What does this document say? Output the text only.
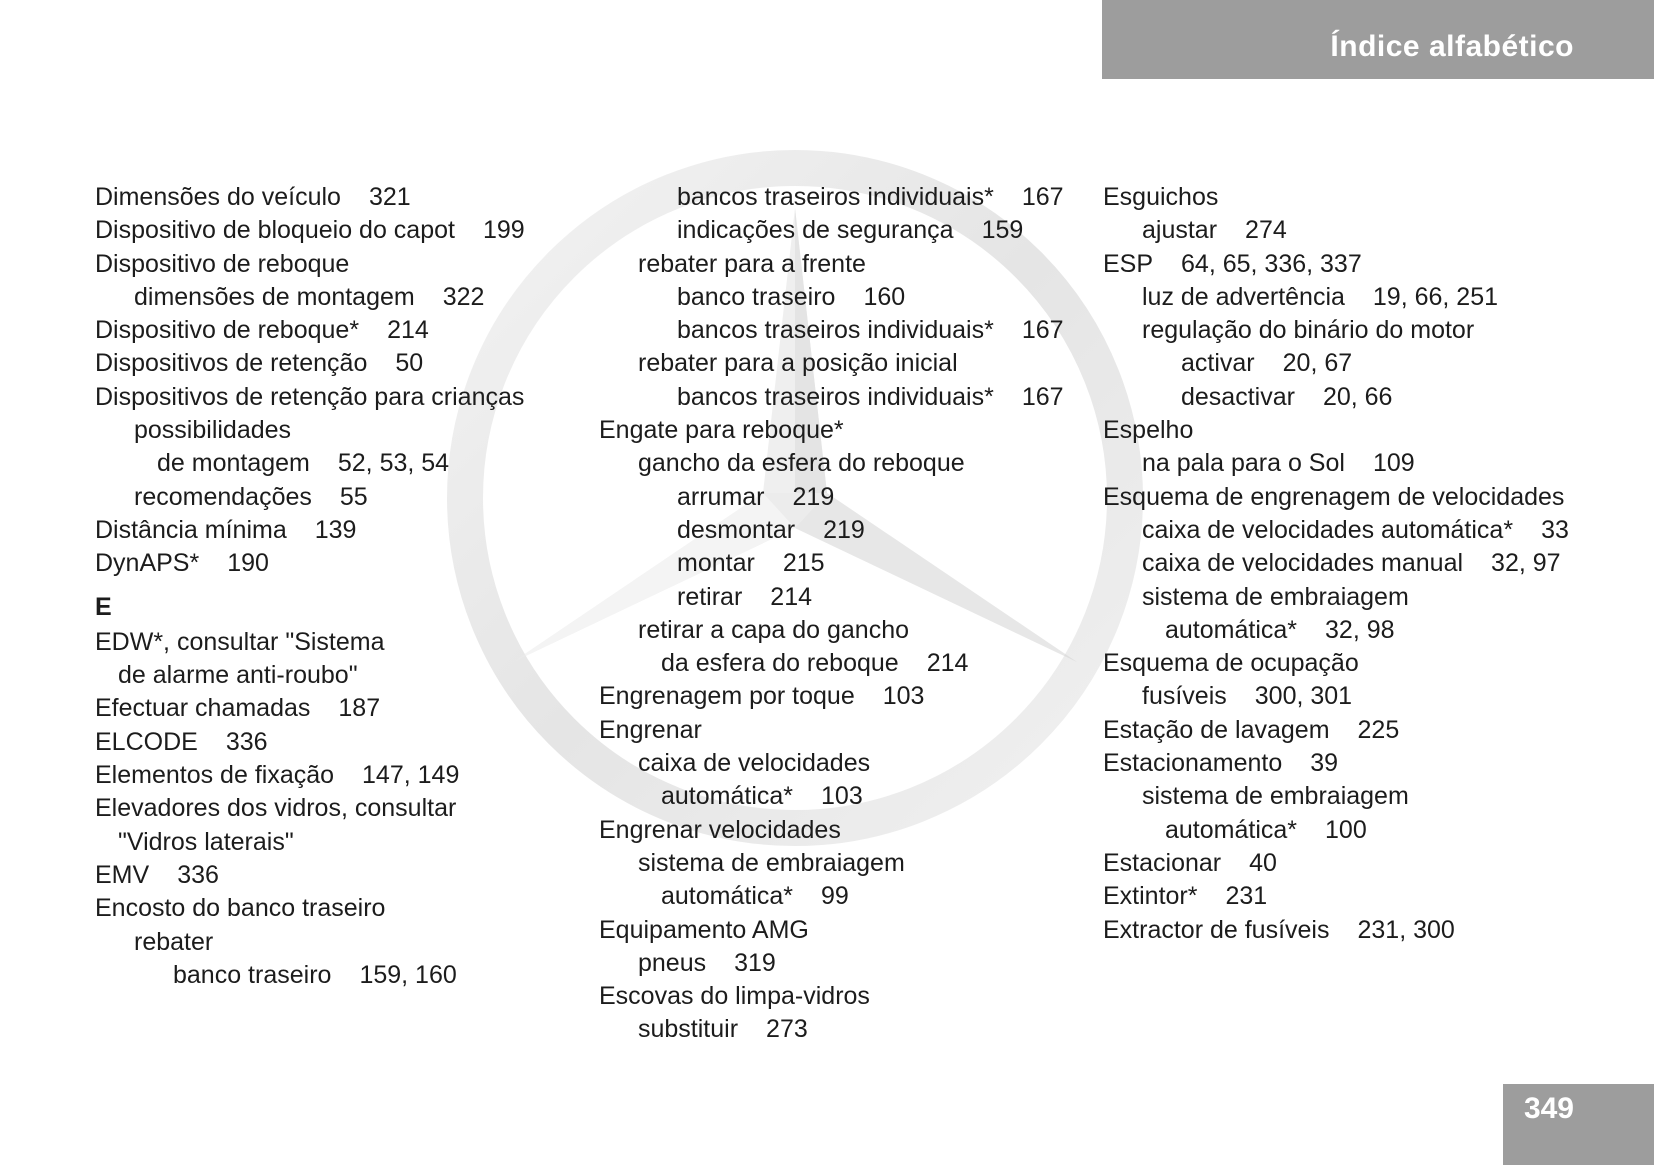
Índice alfabético
Dimensões do veículo 321
Dispositivo de bloqueio do capot 199
Dispositivo de reboque
dimensões de montagem 322
Dispositivo de reboque* 214
Dispositivos de retenção 50
Dispositivos de retenção para crianças
possibilidades
de montagem 52, 53, 54
recomendações 55
Distância mínima 139
DynAPS* 190
E
EDW*, consultar "Sistema
de alarme anti-roubo"
Efectuar chamadas 187
ELCODE 336
Elementos de fixação 147, 149
Elevadores dos vidros, consultar
"Vidros laterais"
EMV 336
Encosto do banco traseiro
rebater
banco traseiro 159, 160
bancos traseiros individuais* 167
indicações de segurança 159
rebater para a frente
banco traseiro 160
bancos traseiros individuais* 167
rebater para a posição inicial
bancos traseiros individuais* 167
Engate para reboque*
gancho da esfera do reboque
arrumar 219
desmontar 219
montar 215
retirar 214
retirar a capa do gancho
da esfera do reboque 214
Engrenagem por toque 103
Engrenar
caixa de velocidades
automática* 103
Engrenar velocidades
sistema de embraiagem
automática* 99
Equipamento AMG
pneus 319
Escovas do limpa-vidros
substituir 273
Esguichos
ajustar 274
ESP 64, 65, 336, 337
luz de advertência 19, 66, 251
regulação do binário do motor
activar 20, 67
desactivar 20, 66
Espelho
na pala para o Sol 109
Esquema de engrenagem de velocidades
caixa de velocidades automática* 33
caixa de velocidades manual 32, 97
sistema de embraiagem
automática* 32, 98
Esquema de ocupação
fusíveis 300, 301
Estação de lavagem 225
Estacionamento 39
sistema de embraiagem
automática* 100
Estacionar 40
Extintor* 231
Extractor de fusíveis 231, 300
349
